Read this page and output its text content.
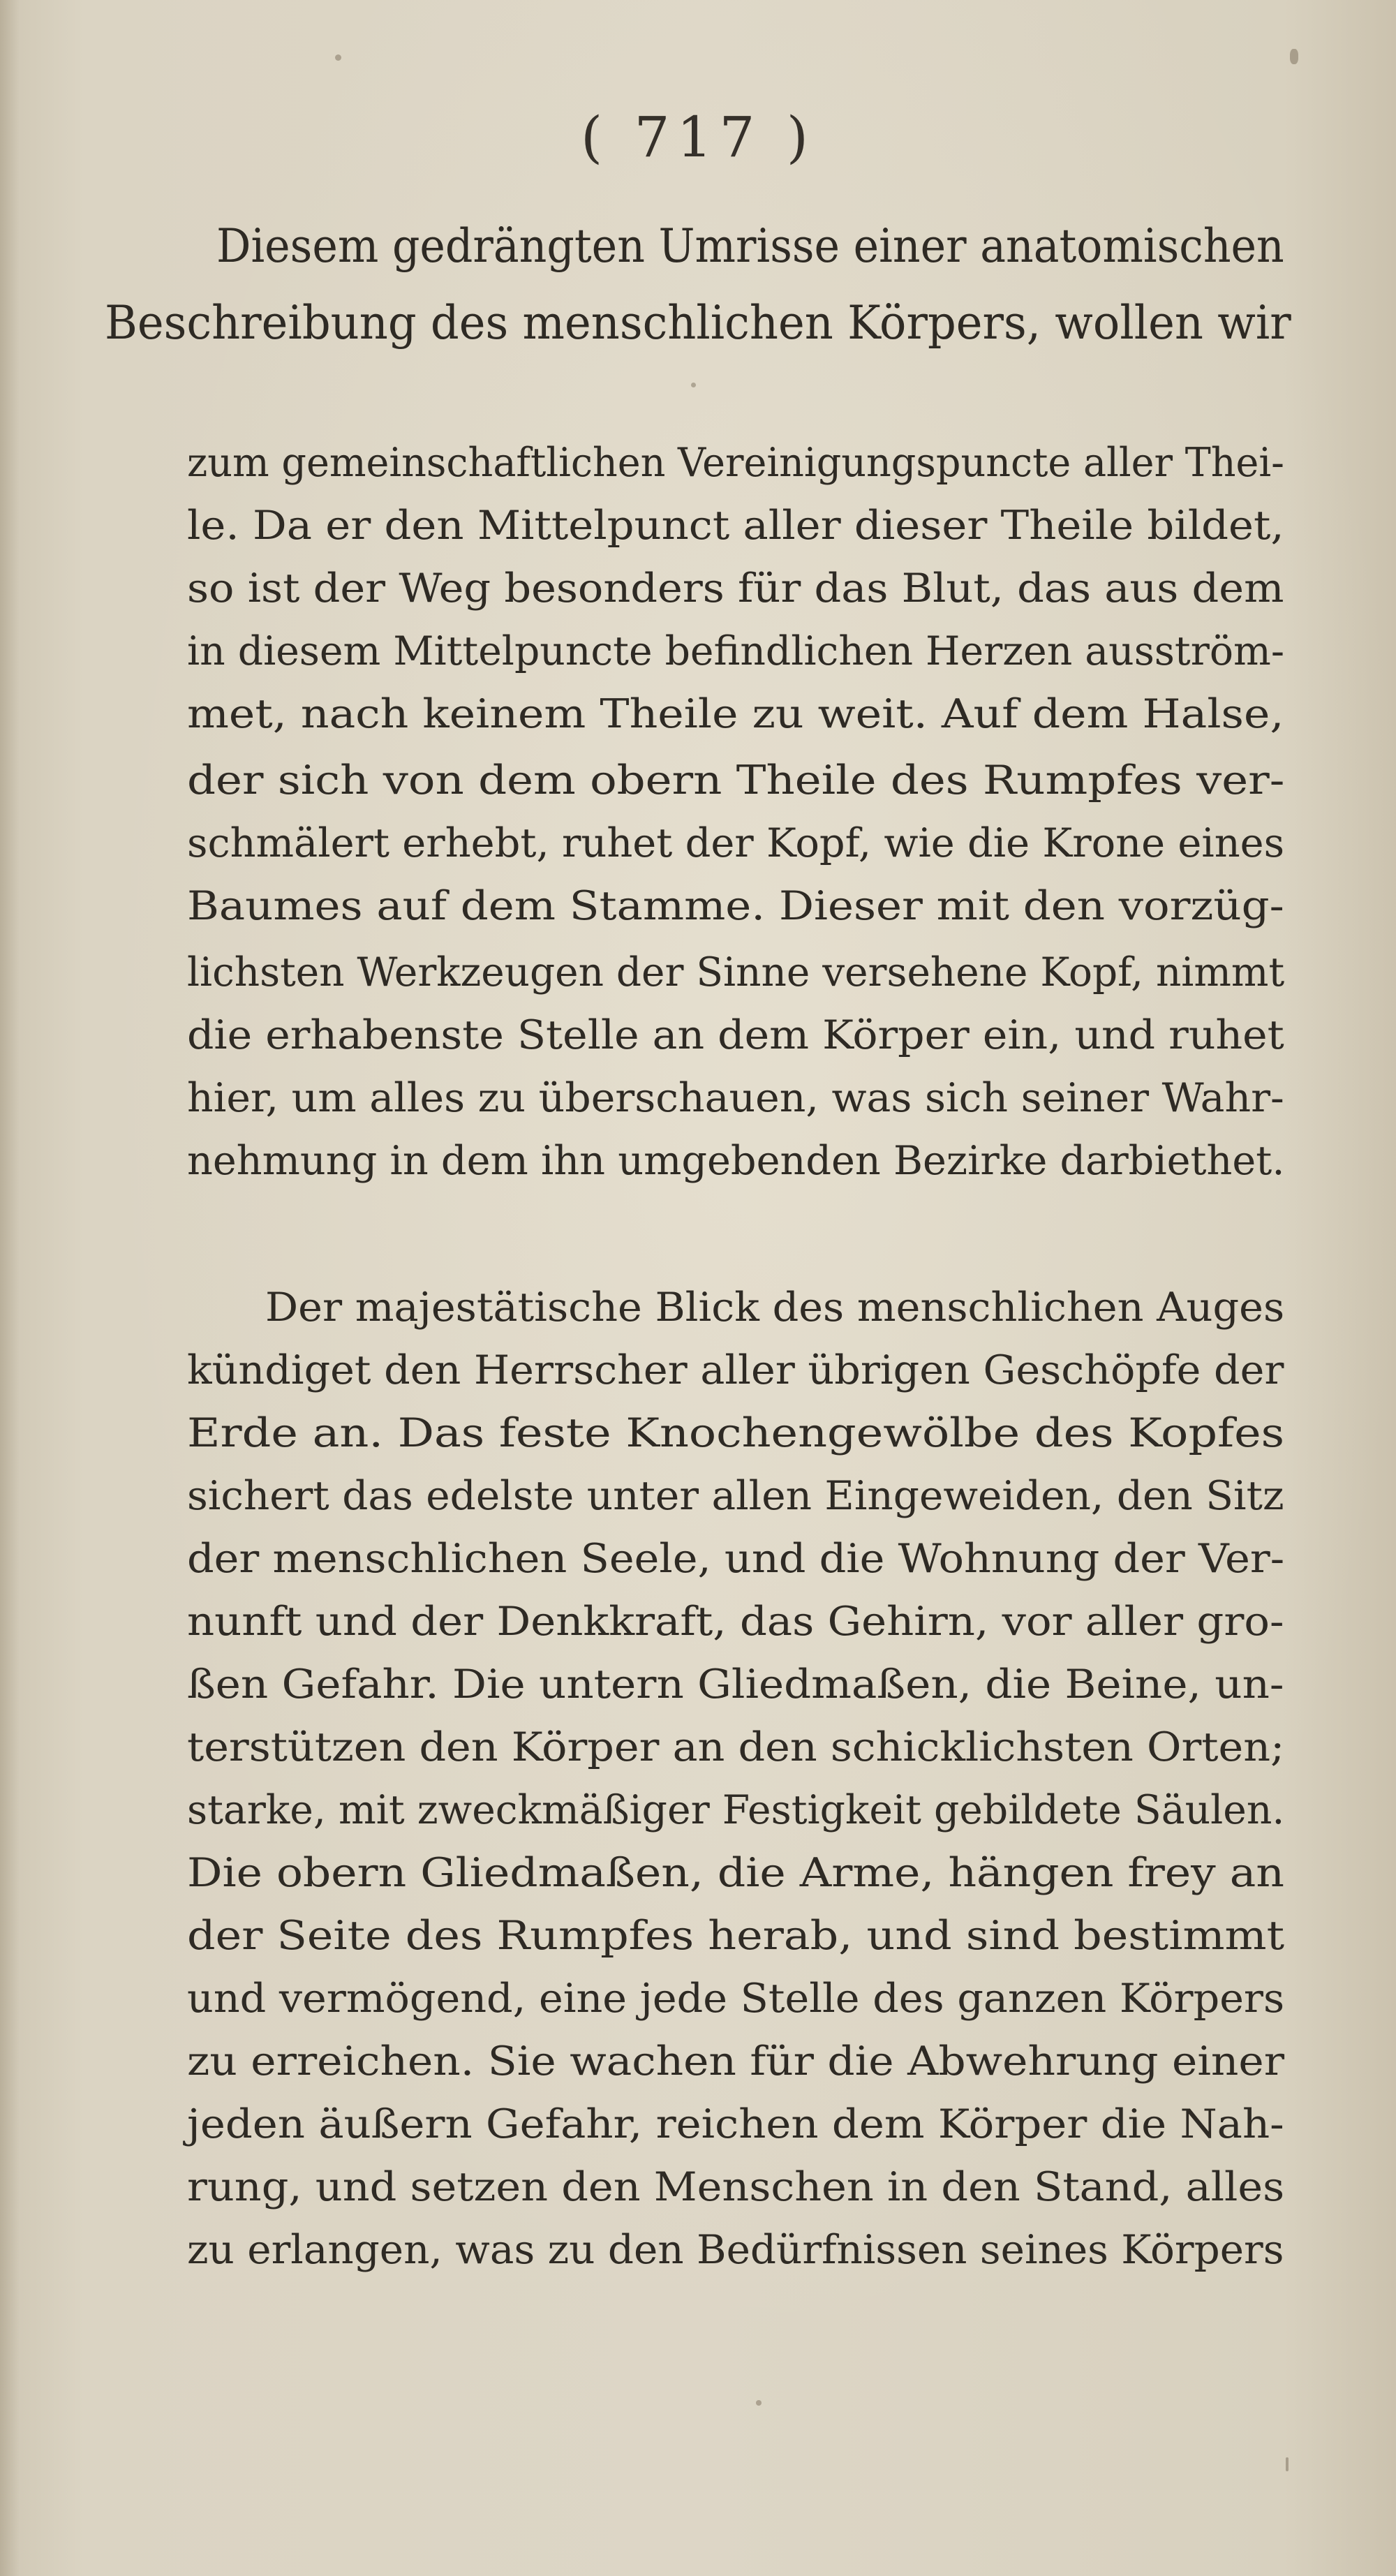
( 717 )
Diesem gedrängten Umrisse einer anatomischen
Beschreibung des menschlichen Körpers, wollen wir
zum gemeinschaftlichen Vereinigungspuncte aller Thei-
le. Da er den Mittelpunct aller dieser Theile bildet,
so ist der Weg besonders für das Blut, das aus dem
in diesem Mittelpuncte befindlichen Herzen ausström-
met, nach keinem Theile zu weit. Auf dem Halse,
der sich von dem obern Theile des Rumpfes ver-
schmälert erhebt, ruhet der Kopf, wie die Krone eines
Baumes auf dem Stamme. Dieser mit den vorzüg-
lichsten Werkzeugen der Sinne versehene Kopf, nimmt
die erhabenste Stelle an dem Körper ein, und ruhet
hier, um alles zu überschauen, was sich seiner Wahr-
nehmung in dem ihn umgebenden Bezirke darbiethet.
Der majestätische Blick des menschlichen Auges
kündiget den Herrscher aller übrigen Geschöpfe der
Erde an. Das feste Knochengewölbe des Kopfes
sichert das edelste unter allen Eingeweiden, den Sitz
der menschlichen Seele, und die Wohnung der Ver-
nunft und der Denkkraft, das Gehirn, vor aller gro-
ßen Gefahr. Die untern Gliedmaßen, die Beine, un-
terstützen den Körper an den schicklichsten Orten;
starke, mit zweckmäßiger Festigkeit gebildete Säulen.
Die obern Gliedmaßen, die Arme, hängen frey an
der Seite des Rumpfes herab, und sind bestimmt
und vermögend, eine jede Stelle des ganzen Körpers
zu erreichen. Sie wachen für die Abwehrung einer
jeden äußern Gefahr, reichen dem Körper die Nah-
rung, und setzen den Menschen in den Stand, alles
zu erlangen, was zu den Bedürfnissen seines Körpers
